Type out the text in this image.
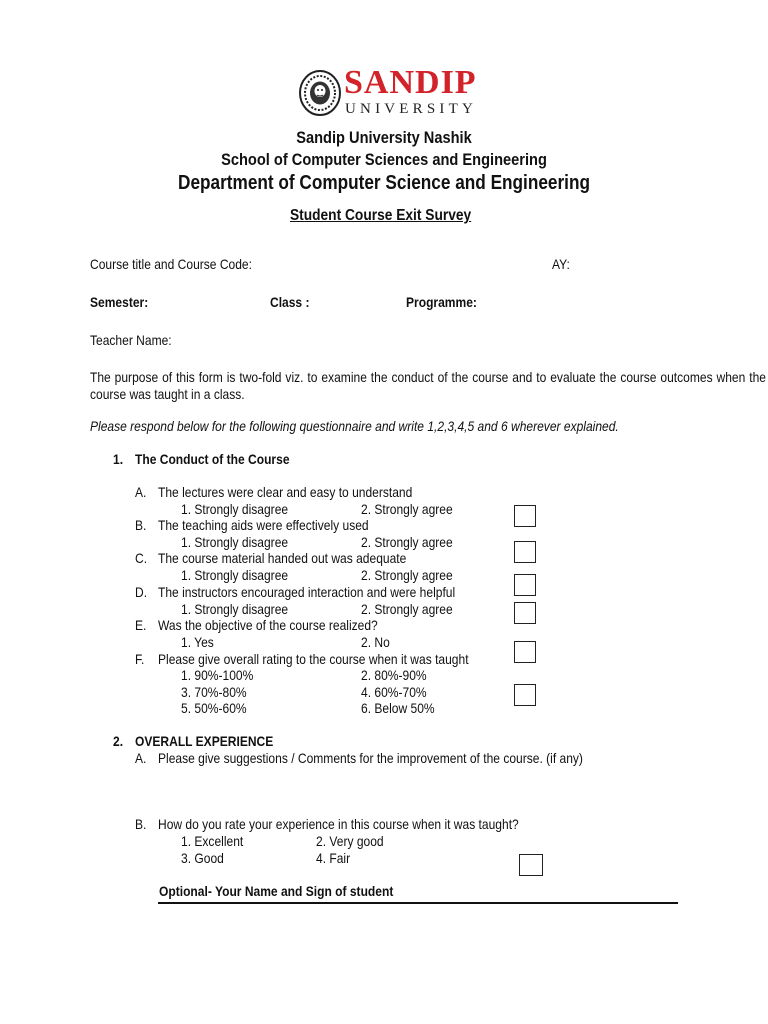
SANDIP
UNIVERSITY
Sandip University Nashik
School of Computer Sciences and Engineering
Department of Computer Science and Engineering
Student Course Exit Survey
Course title and Course Code:	AY:
Semester:	Class :	Programme:
Teacher Name:
The purpose of this form is two-fold viz. to examine the conduct of the course and to evaluate the course outcomes when the course was taught in a class.
Please respond below for the following questionnaire and write 1,2,3,4,5 and 6 wherever explained.
1. The Conduct of the Course
A. The lectures were clear and easy to understand
1. Strongly disagree	2. Strongly agree
B. The teaching aids were effectively used
1. Strongly disagree	2. Strongly agree
C. The course material handed out was adequate
1. Strongly disagree	2. Strongly agree
D. The instructors encouraged interaction and were helpful
1. Strongly disagree	2. Strongly agree
E. Was the objective of the course realized?
1. Yes	2. No
F. Please give overall rating to the course when it was taught
1. 90%-100%	2. 80%-90%
3. 70%-80%	4. 60%-70%
5. 50%-60%	6. Below 50%
2. OVERALL EXPERIENCE
A. Please give suggestions / Comments for the improvement of the course. (if any)
B. How do you rate your experience in this course when it was taught?
1. Excellent	2. Very good
3. Good	4. Fair
Optional- Your Name and Sign of student
